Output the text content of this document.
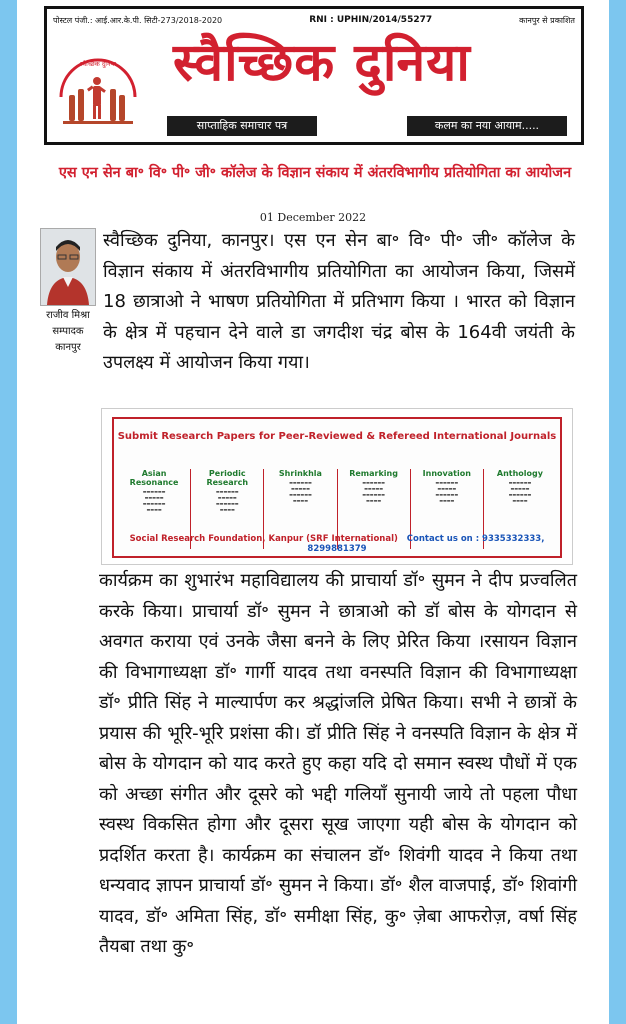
पोस्टल पंजी.: आई.आर.के.पी. सिटी-273/2018-2020	RNI : UPHIN/2014/55277	कानपुर से प्रकाशित
स्वैच्छिक दुनिया स्वैच्छिक दुनिया
साप्ताहिक समाचार पत्र	कलम का नया आयाम.....
एस एन सेन बा॰ वि॰ पी॰ जी॰ कॉलेज के विज्ञान संकाय में अंतरविभागीय प्रतियोगिता का आयोजन
01 December 2022
राजीव मिश्रा
सम्पादक
कानपुर
स्वैच्छिक दुनिया, कानपुर। एस एन सेन बा॰ वि॰ पी॰ जी॰ कॉलेज के विज्ञान संकाय में अंतरविभागीय प्रतियोगिता का आयोजन किया, जिसमें 18 छात्राओ ने भाषण प्रतियोगिता में प्रतिभाग किया । भारत को विज्ञान के क्षेत्र में पहचान देने वाले डा जगदीश चंद्र बोस के 164वी जयंती के उपलक्ष्य में आयोजन किया गया।
Submit Research Papers for Peer-Reviewed & Refereed International Journals
Asian Resonance
▬▬▬▬▬▬
▬▬▬▬▬
▬▬▬▬▬▬
▬▬▬▬
Periodic Research
▬▬▬▬▬▬
▬▬▬▬▬
▬▬▬▬▬▬
▬▬▬▬
Shrinkhla
▬▬▬▬▬▬
▬▬▬▬▬
▬▬▬▬▬▬
▬▬▬▬
Remarking
▬▬▬▬▬▬
▬▬▬▬▬
▬▬▬▬▬▬
▬▬▬▬
Innovation
▬▬▬▬▬▬
▬▬▬▬▬
▬▬▬▬▬▬
▬▬▬▬
Anthology
▬▬▬▬▬▬
▬▬▬▬▬
▬▬▬▬▬▬
▬▬▬▬
Social Research Foundation, Kanpur (SRF International) Contact us on : 9335332333, 8299881379
कार्यक्रम का शुभारंभ महाविद्यालय की प्राचार्या डॉ॰ सुमन ने दीप प्रज्वलित करके किया। प्राचार्या डॉ॰ सुमन ने छात्राओ को डॉ बोस के योगदान से अवगत कराया एवं उनके जैसा बनने के लिए प्रेरित किया ।रसायन विज्ञान की विभागाध्यक्षा डॉ॰ गार्गी यादव तथा वनस्पति विज्ञान की विभागाध्यक्षा डॉ॰ प्रीति सिंह ने माल्यार्पण कर श्रद्धांजलि प्रेषित किया। सभी ने छात्रों के प्रयास की भूरि-भूरि प्रशंसा की। डॉ प्रीति सिंह ने वनस्पति विज्ञान के क्षेत्र में बोस के योगदान को याद करते हुए कहा यदि दो समान स्वस्थ पौधों में एक को अच्छा संगीत और दूसरे को भद्दी गलियाँ सुनायी जाये तो पहला पौधा स्वस्थ विकसित होगा और दूसरा सूख जाएगा यही बोस के योगदान को प्रदर्शित करता है। कार्यक्रम का संचालन डॉ॰ शिवंगी यादव ने किया तथा धन्यवाद ज्ञापन प्राचार्या डॉ॰ सुमन ने किया। डॉ॰ शैल वाजपाई, डॉ॰ शिवांगी यादव, डॉ॰ अमिता सिंह, डॉ॰ समीक्षा सिंह, कु॰ ज़ेबा आफरोज़, वर्षा सिंह तैयबा तथा कु॰
